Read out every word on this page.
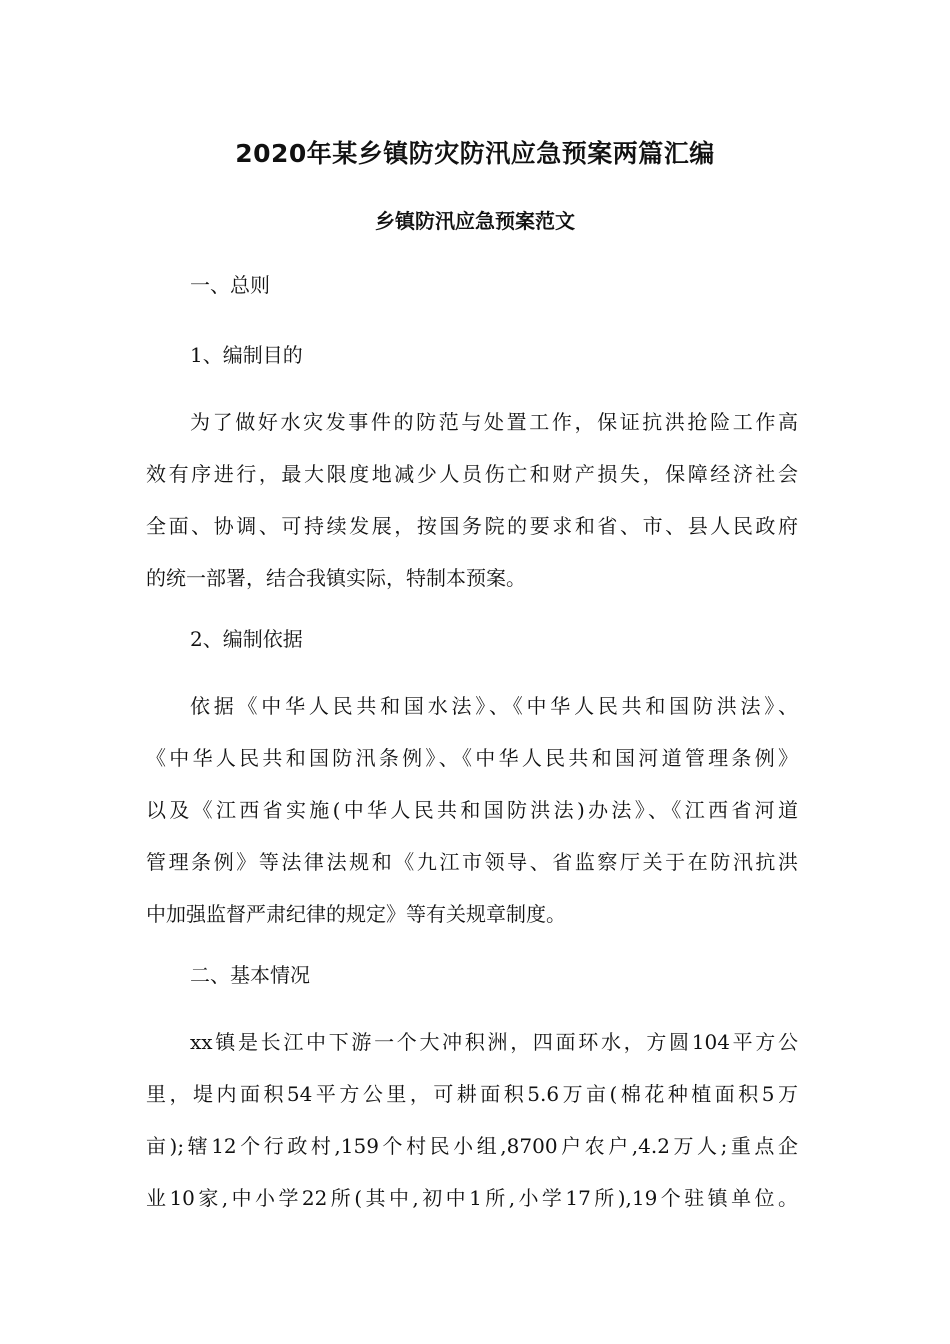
2020年某乡镇防灾防汛应急预案两篇汇编
乡镇防汛应急预案范文

一、总则

1、编制目的

为了做好水灾发事件的防范与处置工作，保证抗洪抢险工作高
效有序进行，最大限度地减少人员伤亡和财产损失，保障经济社会
全面、协调、可持续发展，按国务院的要求和省、市、县人民政府
的统一部署，结合我镇实际，特制本预案。

2、编制依据

依据《中华人民共和国水法》、《中华人民共和国防洪法》、
《中华人民共和国防汛条例》、《中华人民共和国河道管理条例》
以及《江西省实施(中华人民共和国防洪法)办法》、《江西省河道
管理条例》等法律法规和《九江市领导、省监察厅关于在防汛抗洪
中加强监督严肃纪律的规定》等有关规章制度。

二、基本情况

xx镇是长江中下游一个大冲积洲，四面环水，方圆104平方公
里，堤内面积54平方公里，可耕面积5.6万亩(棉花种植面积5万
亩);辖12个行政村,159个村民小组,8700户农户,4.2万人;重点企
业10家,中小学22所(其中,初中1所,小学17所),19个驻镇单位。
